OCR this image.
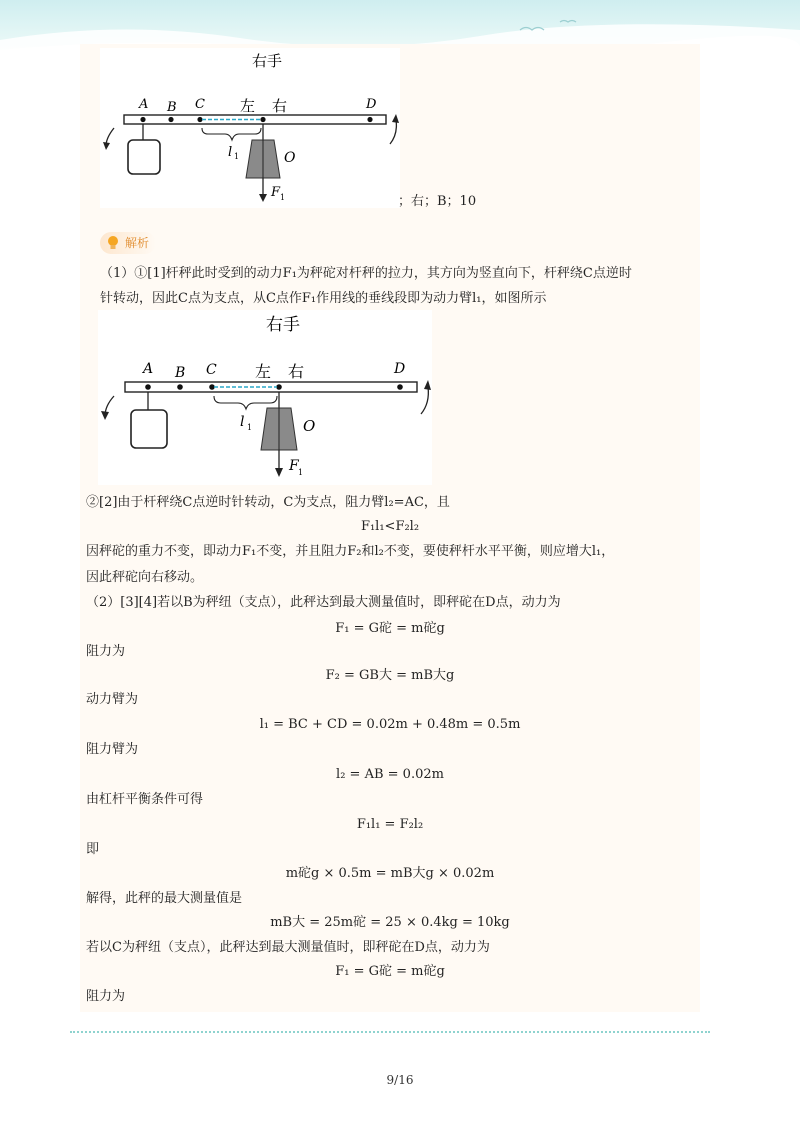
右手
A B C	D
左 右
l 1	O
F 1	；右；B；10
解析
（1）①[1]杆秤此时受到的动力F₁为秤砣对杆秤的拉力，其方向为竖直向下，杆秤绕C点逆时
针转动，因此C点为支点，从C点作F₁作用线的垂线段即为动力臂l₁，如图所示
右手
A B C	D
左 右
l 1	O
F 1
②[2]由于杆秤绕C点逆时针转动，C为支点，阻力臂l₂=AC，且
F₁l₁<F₂l₂
因秤砣的重力不变，即动力F₁不变，并且阻力F₂和l₂不变，要使秤杆水平平衡，则应增大l₁，
因此秤砣向右移动。
（2）[3][4]若以B为秤纽（支点），此秤达到最大测量值时，即秤砣在D点，动力为
F₁ = G砣 = m砣g
阻力为
F₂ = GB大 = mB大g
动力臂为
l₁ = BC + CD = 0.02m + 0.48m = 0.5m
阻力臂为
l₂ = AB = 0.02m
由杠杆平衡条件可得
F₁l₁ = F₂l₂
即
m砣g × 0.5m = mB大g × 0.02m
解得，此秤的最大测量值是
mB大 = 25m砣 = 25 × 0.4kg = 10kg
若以C为秤纽（支点），此秤达到最大测量值时，即秤砣在D点，动力为
F₁ = G砣 = m砣g
阻力为
9/16
